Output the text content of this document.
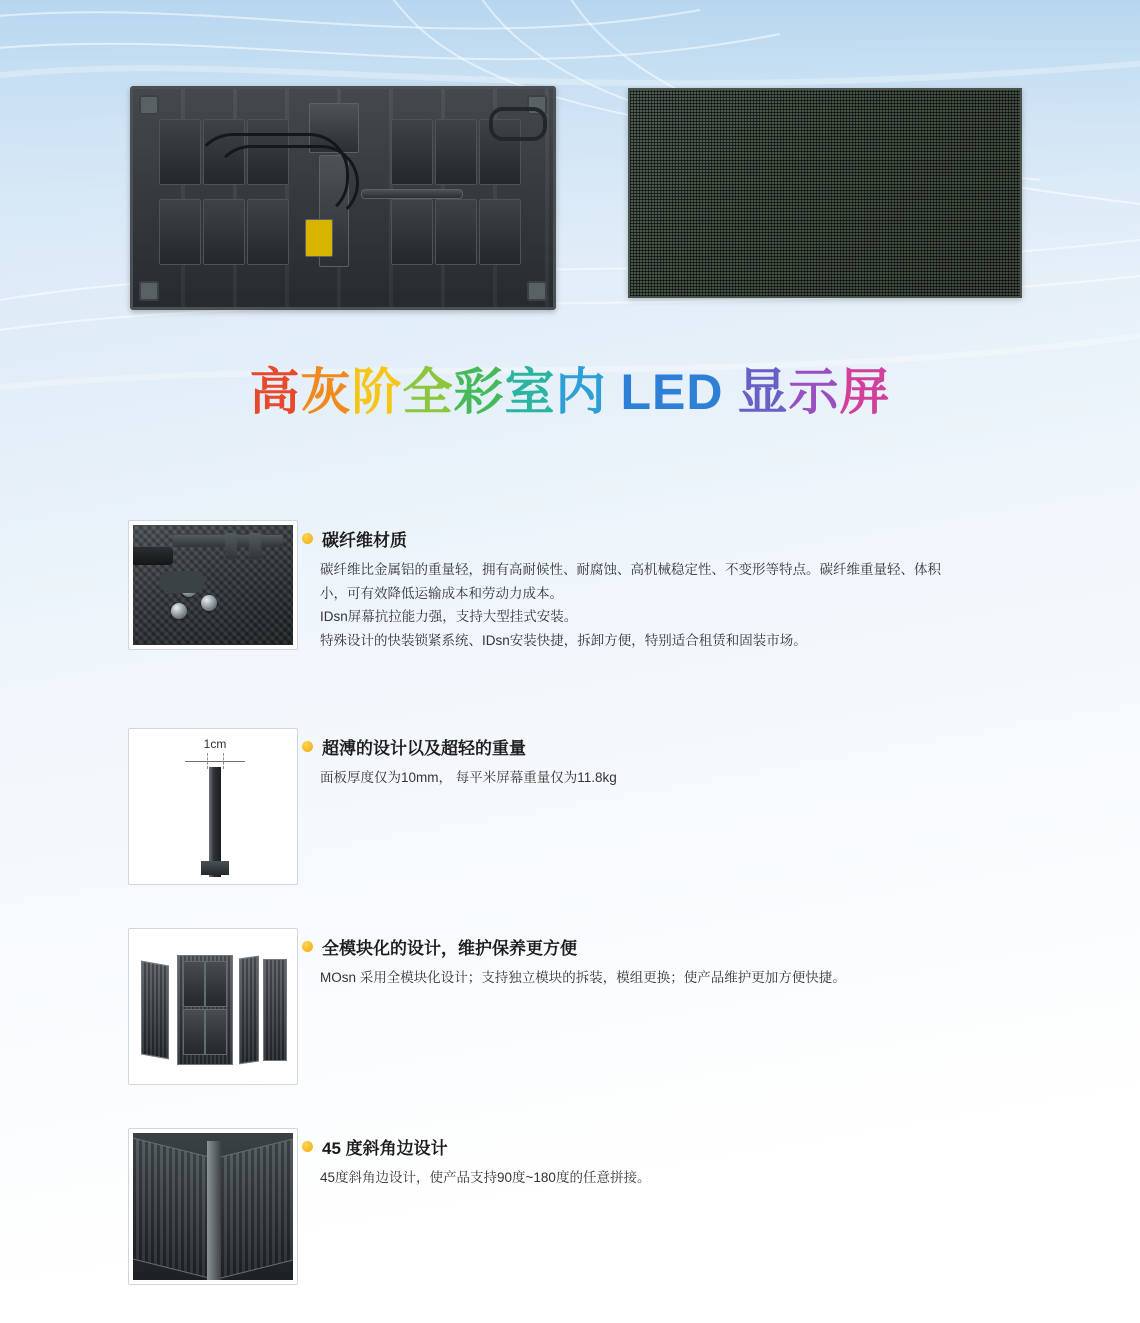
高灰阶全彩室内 LED 显示屏
碳纤维材质

碳纤维比金属铝的重量轻，拥有高耐候性、耐腐蚀、高机械稳定性、不变形等特点。碳纤维重量轻、体积

小，可有效降低运输成本和劳动力成本。

IDsn屏幕抗拉能力强，支持大型挂式安装。

特殊设计的快装锁紧系统、IDsn安装快捷，拆卸方便，特别适合租赁和固装市场。

1cm	超溥的设计以及超轻的重量

面板厚度仅为10mm， 每平米屏幕重量仅为11.8kg

全模块化的设计，维护保养更方便

MOsn 采用全模块化设计；支持独立模块的拆装，模组更换；使产品维护更加方便快捷。

45 度斜角边设计

45度斜角边设计，使产品支持90度~180度的任意拼接。
